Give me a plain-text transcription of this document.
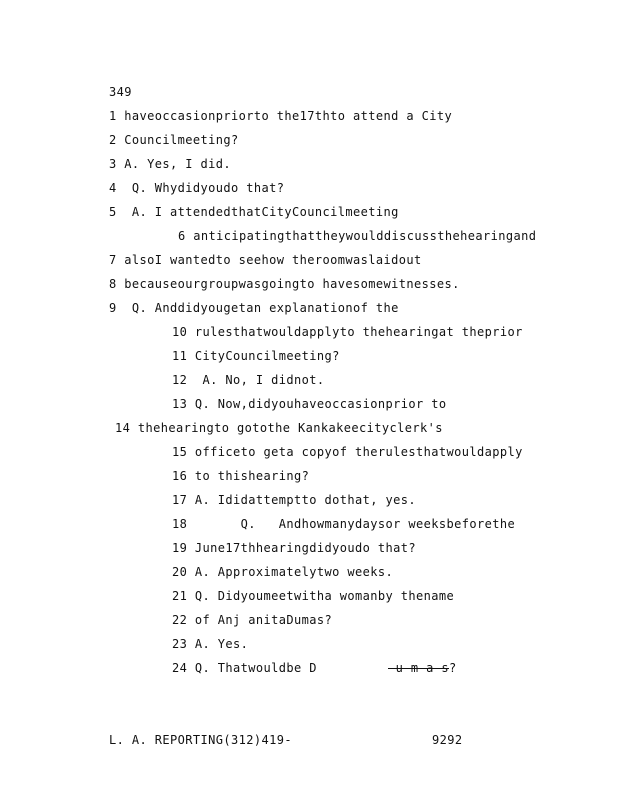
349
1 haveoccasionpriorto the17thto attend a City
2 Councilmeeting?
3 A. Yes, I did.
4 Q. Whydidyoudo that?
5 A. I attendedthatCityCouncilmeeting
6 anticipatingthattheywoulddiscussthehearingand
7 alsoI wantedto seehow theroomwaslaidout
8 becauseourgroupwasgoingto havesomewitnesses.
9 Q. Anddidyougetan explanationof the
10 rulesthatwouldapplyto thehearingat theprior
11 CityCouncilmeeting?
12 A. No, I didnot.
13 Q. Now,didyouhaveoccasionprior to
14 thehearingto gotothe Kankakeecityclerk's
15 officeto geta copyof therulesthatwouldapply
16 to thishearing?
17 A. Ididattemptto dothat, yes.
18	Q.   Andhowmanydaysor weeksbeforethe
19 June17thhearingdidyoudo that?
20 A. Approximatelytwo weeks.
21 Q. Didyoumeetwitha womanby thename
22 of Anj anitaDumas?
23 A. Yes.
24 Q. Thatwouldbe D	-u-m-a-s?
L. A. REPORTING(312)419-	9292
